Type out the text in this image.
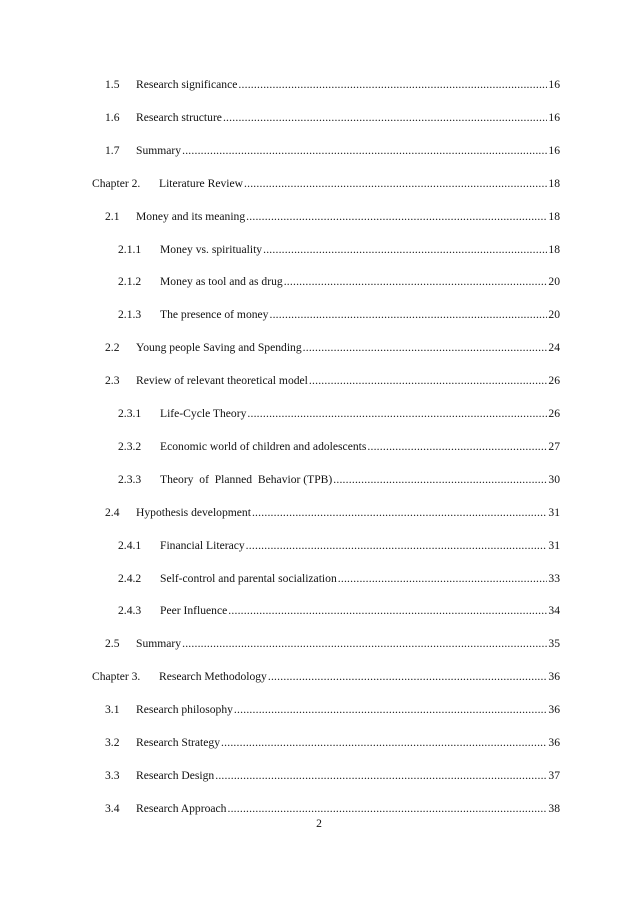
1.5	Research significance .....	16
1.6	Research structure .....	16
1.7	Summary .....	16
Chapter 2.	Literature Review .....	18
2.1	Money and its meaning .....	18
2.1.1	Money vs. spirituality .....	18
2.1.2	Money as tool and as drug .....	20
2.1.3	The presence of money .....	20
2.2	Young people Saving and Spending .....	24
2.3	Review of relevant theoretical model .....	26
2.3.1	Life-Cycle Theory .....	26
2.3.2	Economic world of children and adolescents .....	27
2.3.3	Theory  of  Planned  Behavior (TPB) .....	30
2.4	Hypothesis development .....	31
2.4.1	Financial Literacy .....	31
2.4.2	Self-control and parental socialization .....	33
2.4.3	Peer Influence .....	34
2.5	Summary .....	35
Chapter 3.	Research Methodology .....	36
3.1	Research philosophy .....	36
3.2	Research Strategy .....	36
3.3	Research Design .....	37
3.4	Research Approach .....	38
2
